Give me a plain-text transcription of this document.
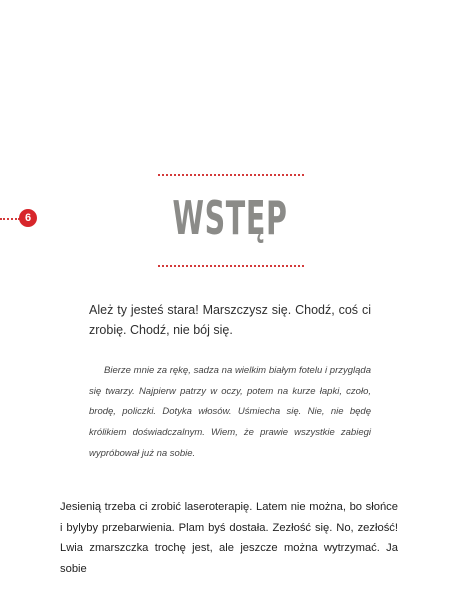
6	WSTĘP

Ależ ty jesteś stara! Marszczysz się. Chodź, coś ci zrobię. Chodź, nie bój się.

Bierze mnie za rękę, sadza na wielkim białym fotelu i przygląda się twarzy. Najpierw patrzy w oczy, potem na kurze łapki, czoło, brodę, policzki. Dotyka włosów. Uśmiecha się. Nie, nie będę królikiem doświadczalnym. Wiem, że prawie wszystkie zabiegi wypróbował już na sobie.

Jesienią trzeba ci zrobić laseroterapię. Latem nie można, bo słońce i bylyby przebarwienia. Plam byś dostała. Zezłość się. No, zezłość! Lwia zmarszczka trochę jest, ale jeszcze można wytrzymać. Ja sobie
